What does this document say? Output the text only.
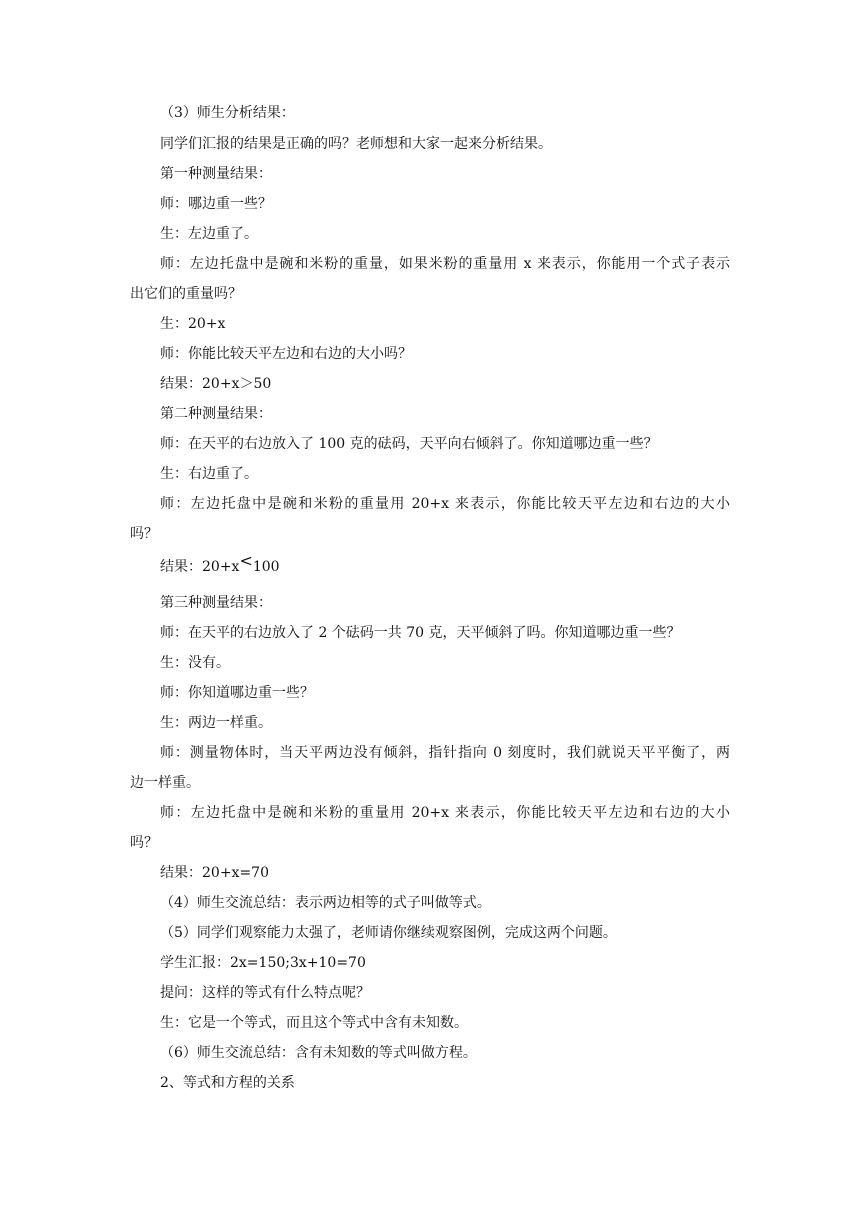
（3）师生分析结果：
同学们汇报的结果是正确的吗？老师想和大家一起来分析结果。
第一种测量结果：
师：哪边重一些？
生：左边重了。
师：左边托盘中是碗和米粉的重量，如果米粉的重量用 x 来表示，你能用一个式子表示
出它们的重量吗？
生：20+x
师：你能比较天平左边和右边的大小吗？
结果：20+x＞50
第二种测量结果：
师：在天平的右边放入了 100 克的砝码，天平向右倾斜了。你知道哪边重一些？
生：右边重了。
师：左边托盘中是碗和米粉的重量用 20+x 来表示，你能比较天平左边和右边的大小
吗？
结果：20+x<100
第三种测量结果：
师：在天平的右边放入了 2 个砝码一共 70 克，天平倾斜了吗。你知道哪边重一些？
生：没有。
师：你知道哪边重一些？
生：两边一样重。
师：测量物体时，当天平两边没有倾斜，指针指向 0 刻度时，我们就说天平平衡了，两
边一样重。
师：左边托盘中是碗和米粉的重量用 20+x 来表示，你能比较天平左边和右边的大小
吗？
结果：20+x=70
（4）师生交流总结：表示两边相等的式子叫做等式。
（5）同学们观察能力太强了，老师请你继续观察图例，完成这两个问题。
学生汇报：2x=150;3x+10=70
提问：这样的等式有什么特点呢？
生：它是一个等式，而且这个等式中含有未知数。
（6）师生交流总结：含有未知数的等式叫做方程。
2、等式和方程的关系
